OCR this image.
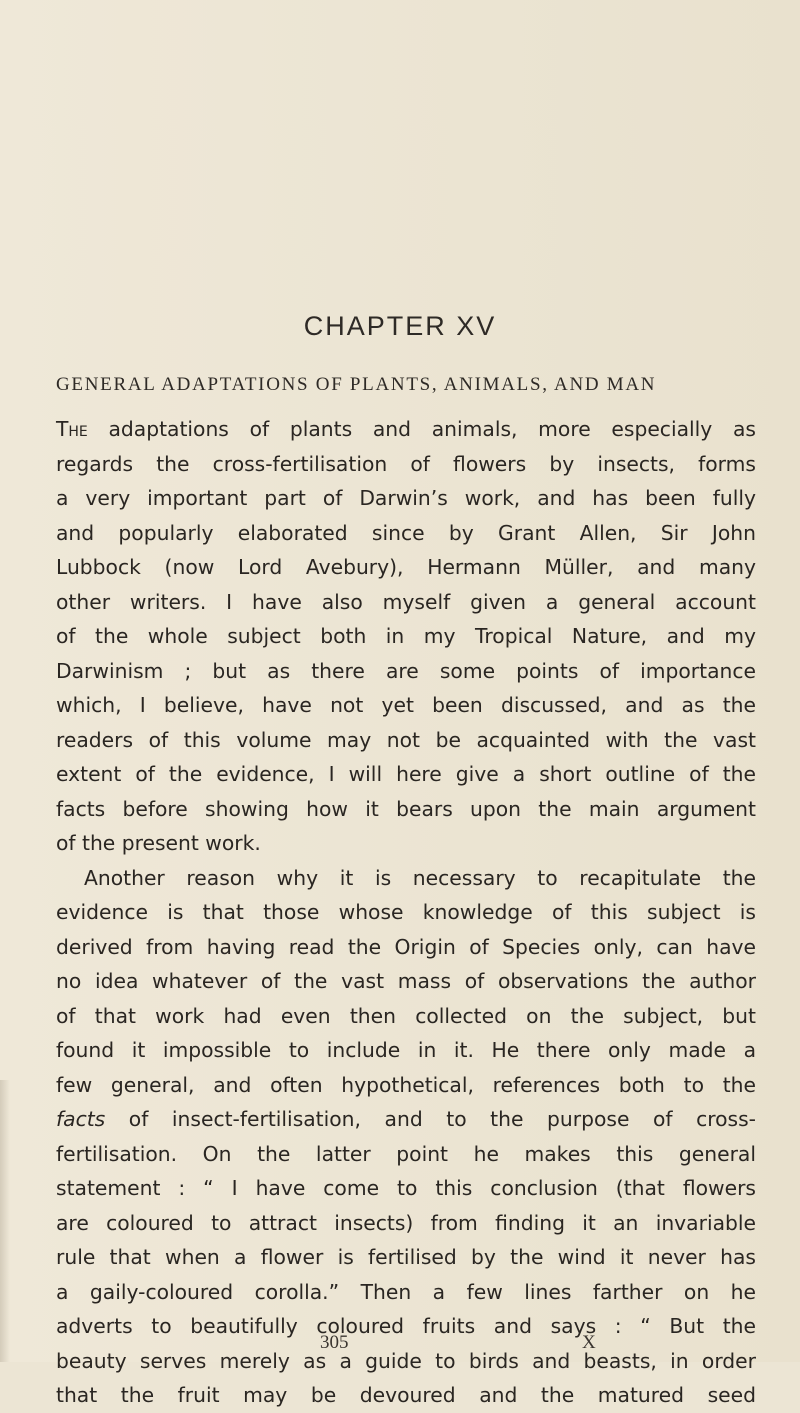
CHAPTER XV
GENERAL ADAPTATIONS OF PLANTS, ANIMALS, AND MAN
The adaptations of plants and animals, more especially as
regards the cross-fertilisation of flowers by insects, forms
a very important part of Darwin’s work, and has been fully
and popularly elaborated since by Grant Allen, Sir John
Lubbock (now Lord Avebury), Hermann Müller, and many
other writers. I have also myself given a general account
of the whole subject both in my Tropical Nature, and my
Darwinism ; but as there are some points of importance
which, I believe, have not yet been discussed, and as the
readers of this volume may not be acquainted with the vast
extent of the evidence, I will here give a short outline of the
facts before showing how it bears upon the main argument
of the present work.
Another reason why it is necessary to recapitulate the
evidence is that those whose knowledge of this subject is
derived from having read the Origin of Species only, can have
no idea whatever of the vast mass of observations the author
of that work had even then collected on the subject, but
found it impossible to include in it. He there only made a
few general, and often hypothetical, references both to the
facts of insect-fertilisation, and to the purpose of cross-
fertilisation. On the latter point he makes this general
statement : “ I have come to this conclusion (that flowers
are coloured to attract insects) from finding it an invariable
rule that when a flower is fertilised by the wind it never has
a gaily-coloured corolla.” Then a few lines farther on he
adverts to beautifully coloured fruits and says : “ But the
beauty serves merely as a guide to birds and beasts, in order
that the fruit may be devoured and the matured seed
305	X
